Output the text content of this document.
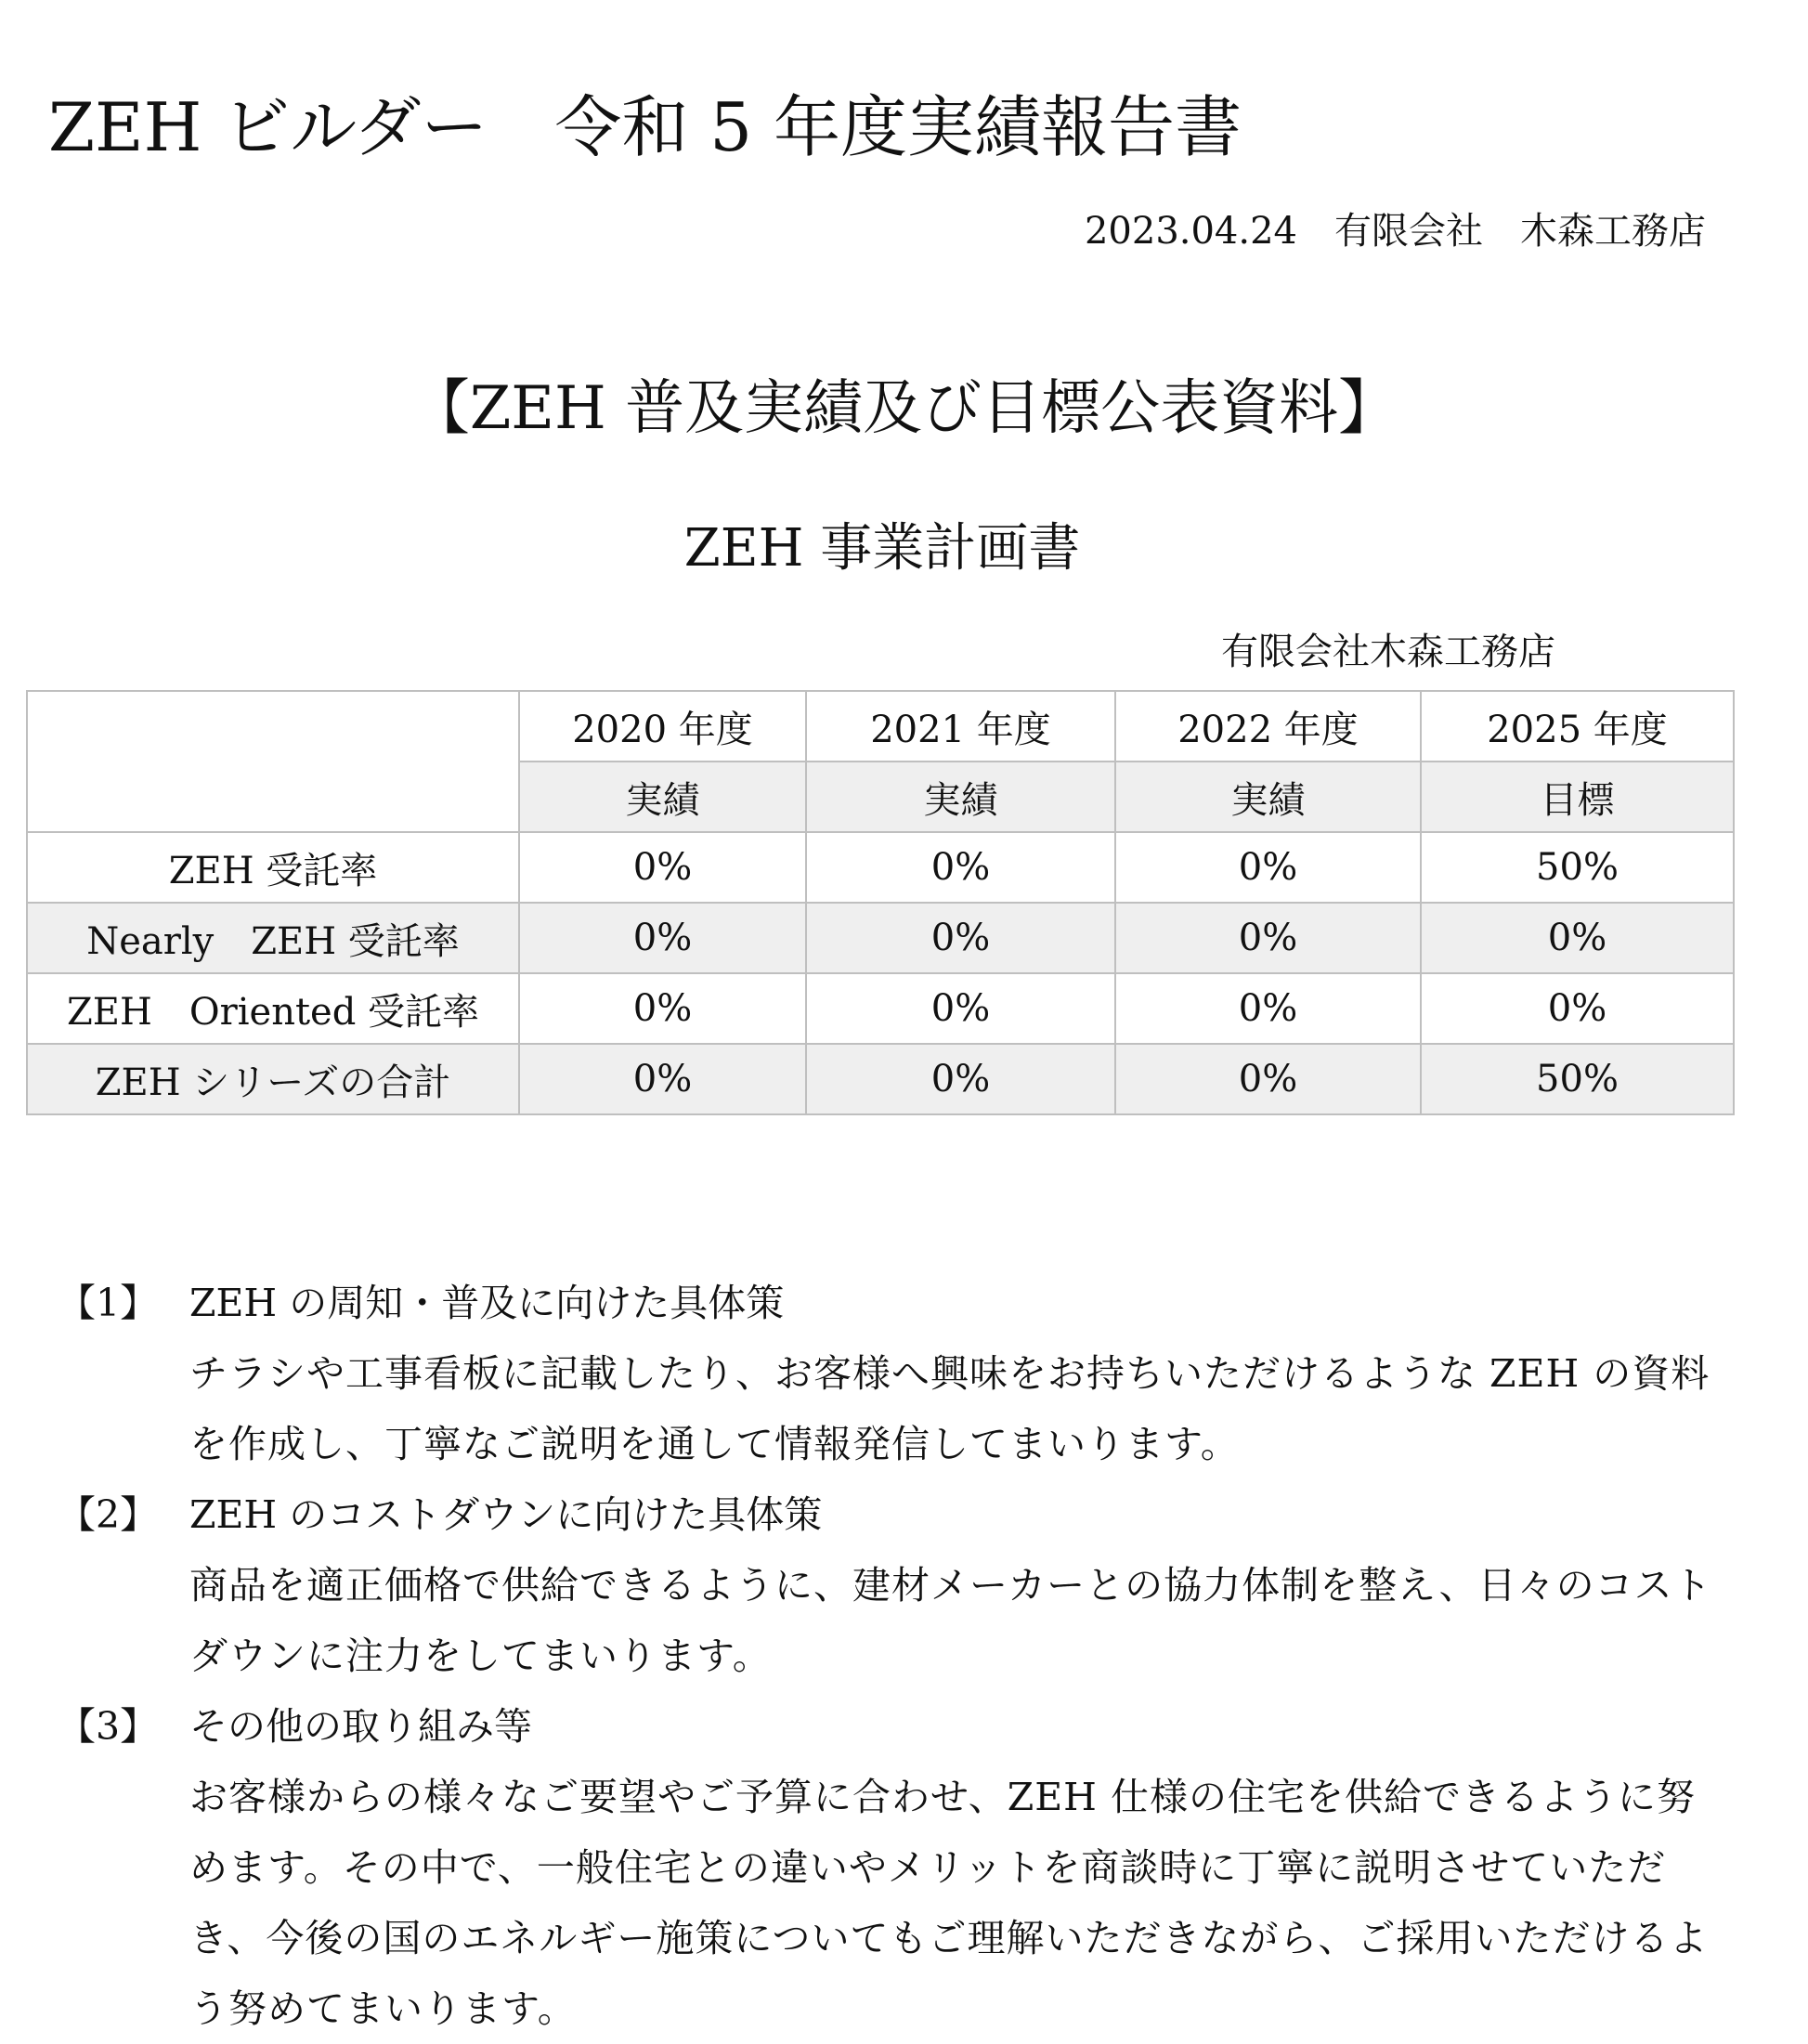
ZEH ビルダー　令和 5 年度実績報告書
2023.04.24　有限会社　木森工務店
【ZEH 普及実績及び目標公表資料】
ZEH 事業計画書
有限会社木森工務店
	2020 年度	2021 年度	2022 年度	2025 年度
	実績	実績	実績	目標
ZEH 受託率	0%	0%	0%	50%
Nearly　ZEH 受託率	0%	0%	0%	0%
ZEH　Oriented 受託率	0%	0%	0%	0%
ZEH シリーズの合計	0%	0%	0%	50%
【1】 ZEH の周知・普及に向けた具体策
チラシや工事看板に記載したり、お客様へ興味をお持ちいただけるような ZEH の資料を作成し、丁寧なご説明を通して情報発信してまいります。
【2】 ZEH のコストダウンに向けた具体策
商品を適正価格で供給できるように、建材メーカーとの協力体制を整え、日々のコストダウンに注力をしてまいります。
【3】 その他の取り組み等
お客様からの様々なご要望やご予算に合わせ、ZEH 仕様の住宅を供給できるように努めます。その中で、一般住宅との違いやメリットを商談時に丁寧に説明させていただき、今後の国のエネルギー施策についてもご理解いただきながら、ご採用いただけるよう努めてまいります。
